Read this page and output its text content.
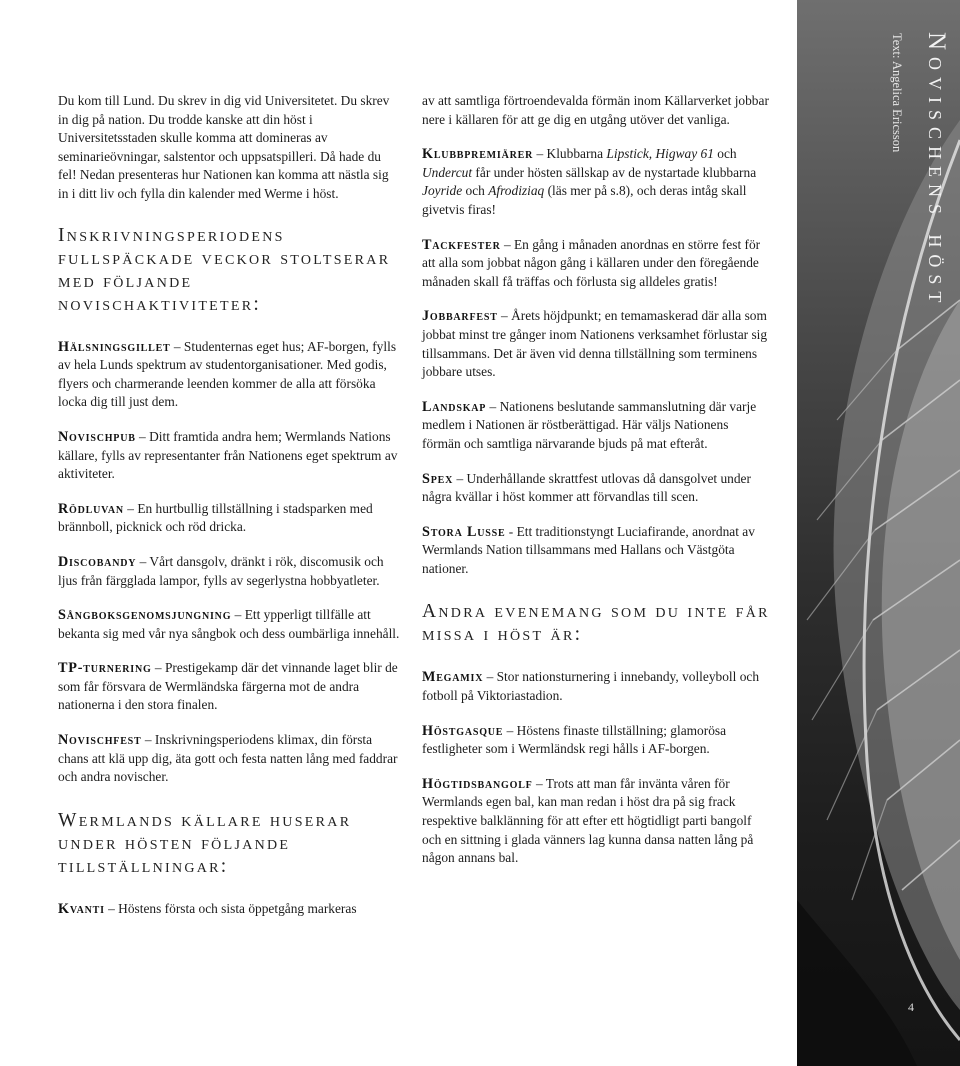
Du kom till Lund. Du skrev in dig vid Universitetet. Du skrev in dig på nation. Du trodde kanske att din höst i Universitetsstaden skulle komma att domineras av seminarieövningar, salstentor och uppsatspilleri. Då hade du fel! Nedan presenteras hur Nationen kan komma att nästla sig in i ditt liv och fylla din kalender med Werme i höst.

Inskrivningsperiodens fullspäckade veckor stoltserar med följande novischaktiviteter:

Hälsningsgillet – Studenternas eget hus; AF-borgen, fylls av hela Lunds spektrum av studentorganisationer. Med godis, flyers och charmerande leenden kommer de alla att försöka locka dig till just dem.

Novischpub – Ditt framtida andra hem; Wermlands Nations källare, fylls av representanter från Nationens eget spektrum av aktiviteter.

Rödluvan – En hurtbullig tillställning i stadsparken med brännboll, picknick och röd dricka.

Discobandy – Vårt dansgolv, dränkt i rök, discomusik och ljus från färgglada lampor, fylls av segerlystna hobbyatleter.

Sångboksgenomsjungning – Ett ypperligt tillfälle att bekanta sig med vår nya sångbok och dess oumbärliga innehåll.

TP-turnering – Prestigekamp där det vinnande laget blir de som får försvara de Wermländska färgerna mot de andra nationerna i den stora finalen.

Novischfest – Inskrivningsperiodens klimax, din första chans att klä upp dig, äta gott och festa natten lång med faddrar och andra novischer.

Wermlands källare huserar under hösten följande tillställningar:

Kvanti – Höstens första och sista öppetgång markeras

av att samtliga förtroendevalda förmän inom Källarverket jobbar nere i källaren för att ge dig en utgång utöver det vanliga.

Klubbpremiärer – Klubbarna Lipstick, Higway 61 och Undercut får under hösten sällskap av de nystartade klubbarna Joyride och Afrodiziaq (läs mer på s.8), och deras intåg skall givetvis firas!

Tackfester – En gång i månaden anordnas en större fest för att alla som jobbat någon gång i källaren under den föregående månaden skall få träffas och förlusta sig alldeles gratis!

Jobbarfest – Årets höjdpunkt; en temamaskerad där alla som jobbat minst tre gånger inom Nationens verksamhet förlustar sig tillsammans. Det är även vid denna tillställning som terminens jobbare utses.

Landskap – Nationens beslutande sammanslutning där varje medlem i Nationen är röstberättigad. Här väljs Nationens förmän och samtliga närvarande bjuds på mat efteråt.

Spex – Underhållande skrattfest utlovas då dansgolvet under några kvällar i höst kommer att förvandlas till scen.

Stora Lusse - Ett traditionstyngt Luciafirande, anordnat av Wermlands Nation tillsammans med Hallans och Västgöta nationer.

Andra evenemang som du inte får missa i höst är:

Megamix – Stor nationsturnering i innebandy, volleyboll och fotboll på Viktoriastadion.

Höstgasque – Höstens finaste tillställning; glamorösa festligheter som i Wermländsk regi hålls i AF-borgen.

Högtidsbangolf – Trots att man får invänta våren för Wermlands egen bal, kan man redan i höst dra på sig frack respektive balklänning för att efter ett högtidligt parti bangolf och en sittning i glada vänners lag kunna dansa natten lång på någon annans bal.

Novischens höst
Text: Angelica Ericsson
4
